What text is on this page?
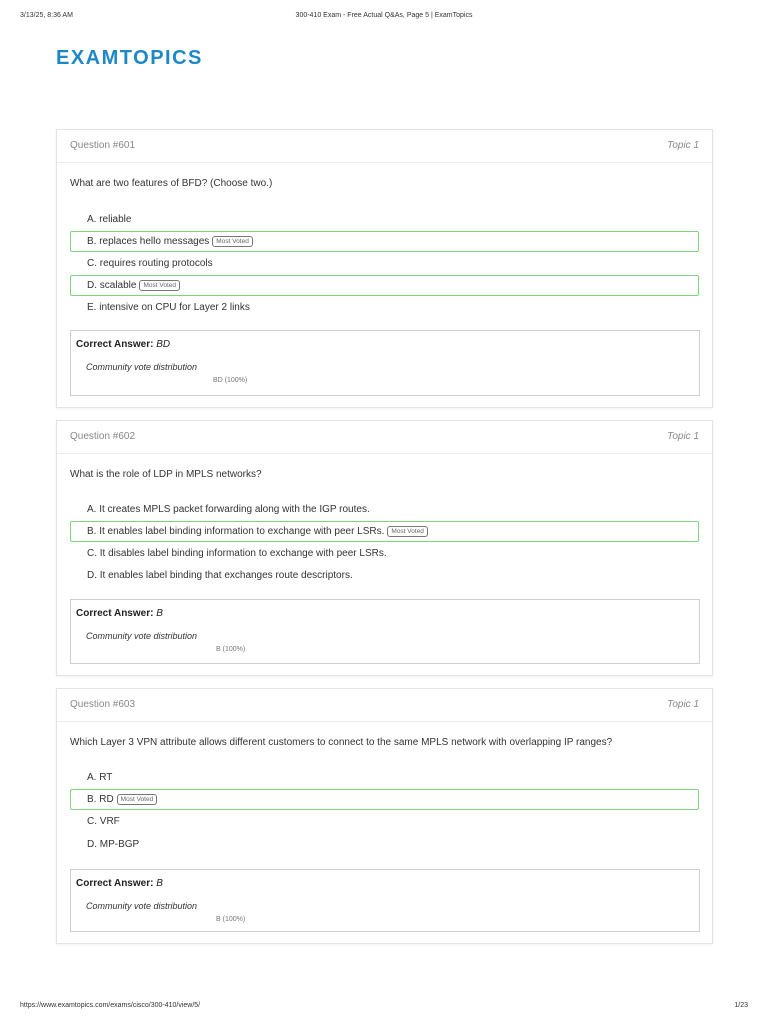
3/13/25, 8:36 AM	300-410 Exam - Free Actual Q&As, Page 5 | ExamTopics
EXAMTOPICS
Question #601	Topic 1
What are two features of BFD? (Choose two.)
A. reliable
B. replaces hello messages Most Voted
C. requires routing protocols
D. scalable Most Voted
E. intensive on CPU for Layer 2 links
Correct Answer: BD
Community vote distribution
BD (100%)
Question #602	Topic 1
What is the role of LDP in MPLS networks?
A. It creates MPLS packet forwarding along with the IGP routes.
B. It enables label binding information to exchange with peer LSRs. Most Voted
C. It disables label binding information to exchange with peer LSRs.
D. It enables label binding that exchanges route descriptors.
Correct Answer: B
Community vote distribution
B (100%)
Question #603	Topic 1
Which Layer 3 VPN attribute allows different customers to connect to the same MPLS network with overlapping IP ranges?
A. RT
B. RD Most Voted
C. VRF
D. MP-BGP
Correct Answer: B
Community vote distribution
B (100%)
https://www.examtopics.com/exams/cisco/300-410/view/5/	1/23
